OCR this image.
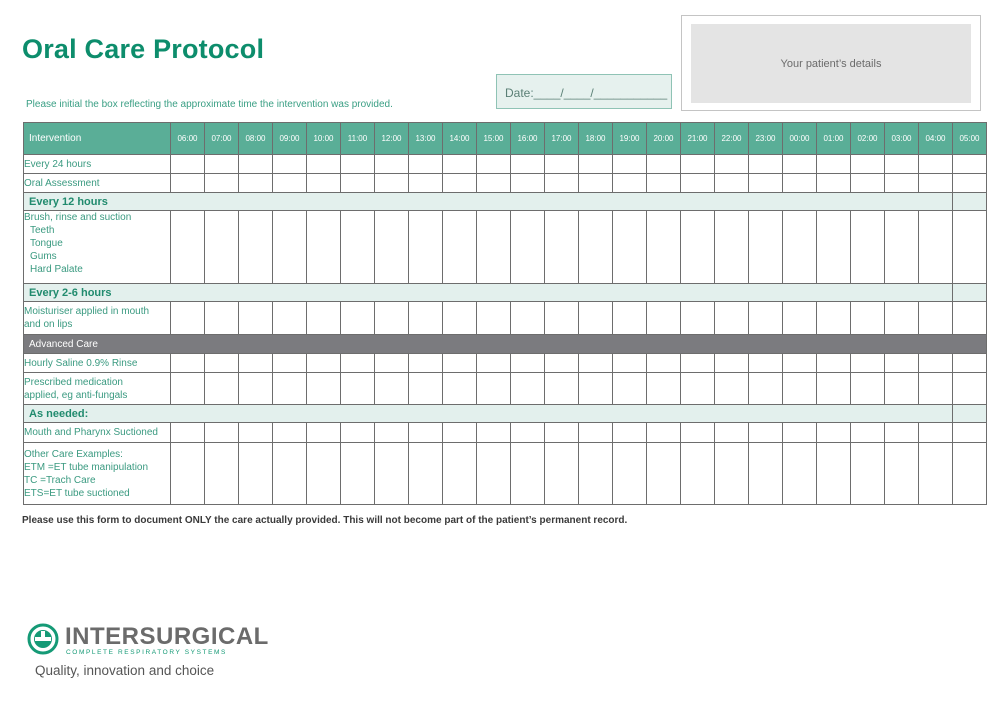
Oral Care Protocol
Please initial the box reflecting the approximate time the intervention was provided.
Date:____/____/___________
Your patient’s details
Intervention	06:00	07:00	08:00	09:00	10:00	11:00	12:00	13:00	14:00	15:00	16:00	17:00	18:00	19:00	20:00	21:00	22:00	23:00	00:00	01:00	02:00	03:00	04:00	05:00

Every 24 hours																								

Oral Assessment																								

Every 12 hours																								

Brush, rinse and suction
Teeth
Tongue
Gums
Hard Palate																								

Every 2-6 hours																								

Moisturiser applied in mouth
and on lips																								

Advanced Care																								

Hourly Saline 0.9% Rinse																								

Prescribed medication
applied, eg anti-fungals																								

As needed:																								

Mouth and Pharynx Suctioned																								

Other Care Examples:
ETM =ET tube manipulation
TC =Trach Care
ETS=ET tube suctioned																								

Please use this form to document ONLY the care actually provided. This will not become part of the patient’s permanent record.
INTERSURGICAL
COMPLETE RESPIRATORY SYSTEMS
Quality, innovation and choice
